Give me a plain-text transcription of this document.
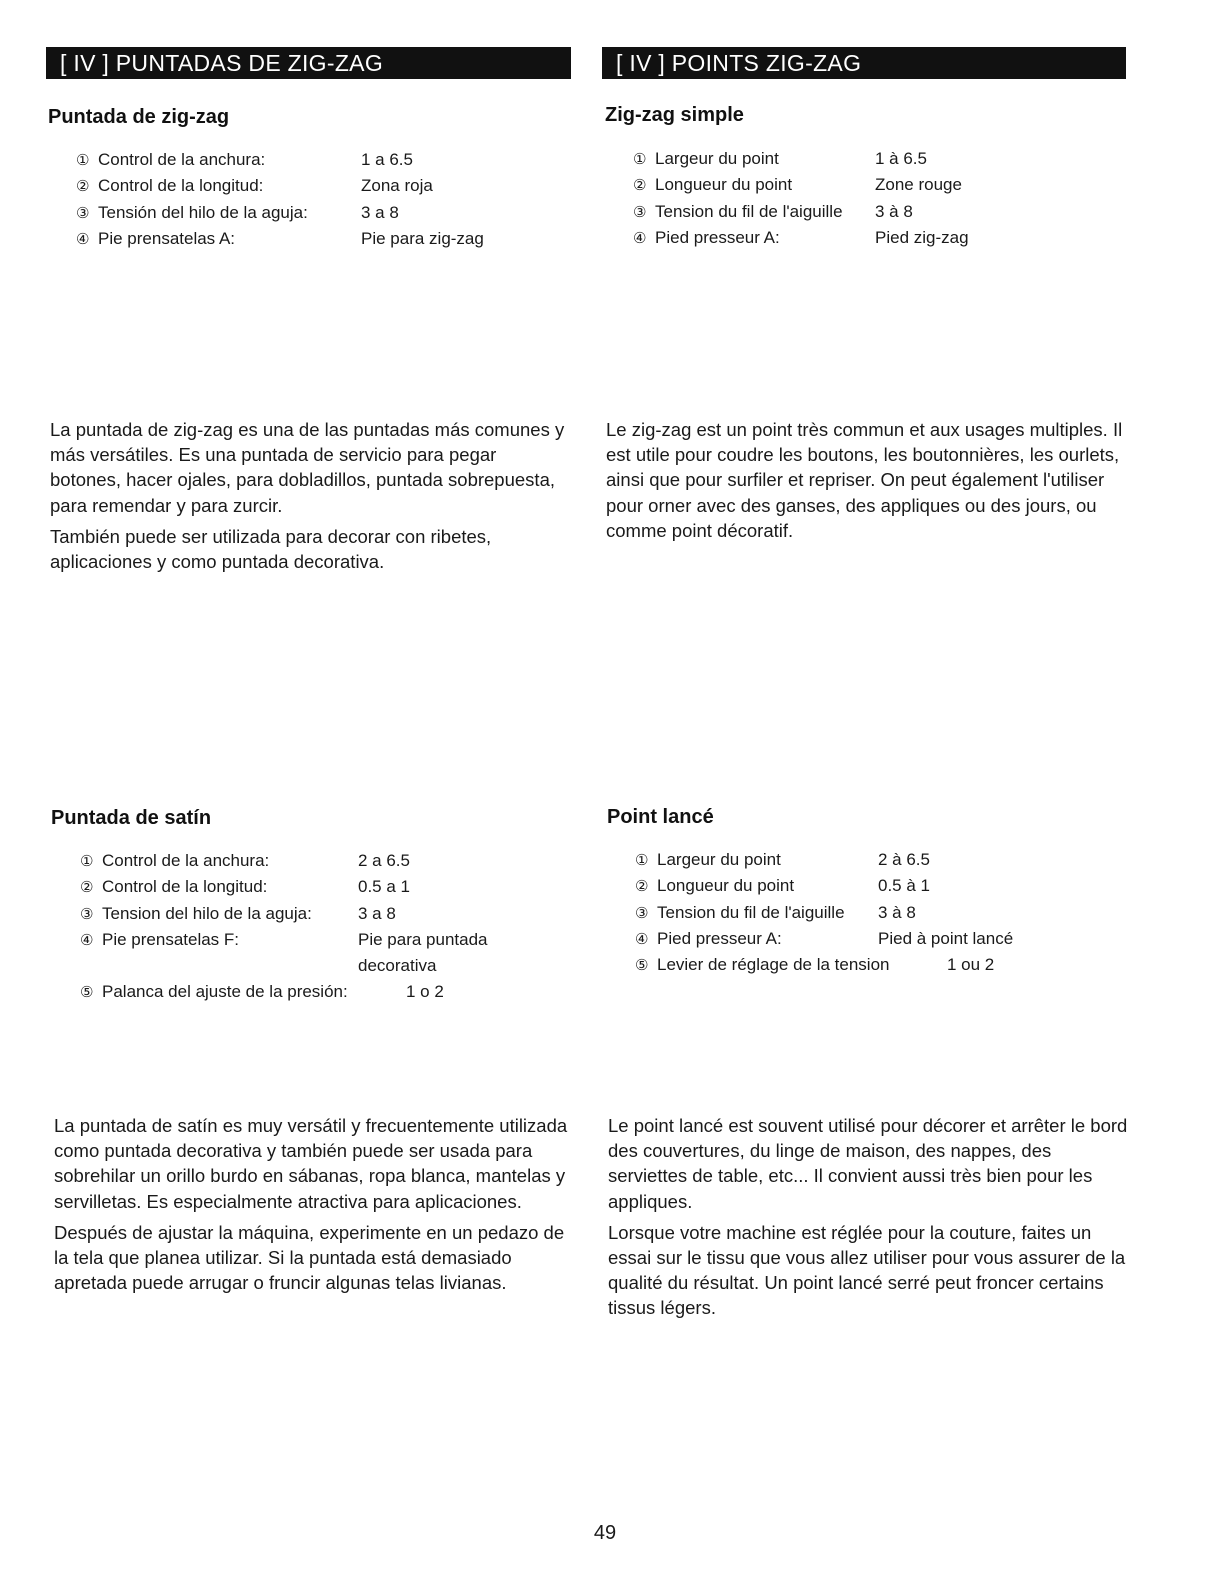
[ IV ] PUNTADAS DE ZIG-ZAG	[ IV ] POINTS ZIG-ZAG
Puntada de zig-zag
① Control de la anchura:	1 a 6.5
② Control de la longitud:	Zona roja
③ Tensión del hilo de la aguja:	3 a 8
④ Pie prensatelas A:	Pie para zig-zag

La puntada de zig-zag es una de las puntadas más comunes y más versátiles. Es una puntada de servicio para pegar botones, hacer ojales, para dobladillos, puntada sobrepuesta, para remendar y para zurcir.

También puede ser utilizada para decorar con ribetes, aplicaciones y como puntada decorativa.

Zig-zag simple
① Largeur du point	1 à 6.5
② Longueur du point	Zone rouge
③ Tension du fil de l'aiguille	3 à 8
④ Pied presseur A:	Pied zig-zag

Le zig-zag est un point très commun et aux usages multiples. Il est utile pour coudre les boutons, les boutonnières, les ourlets, ainsi que pour surfiler et repriser. On peut également l'utiliser pour orner avec des ganses, des appliques ou des jours, ou comme point décoratif.

Puntada de satín
① Control de la anchura:	2 a 6.5
② Control de la longitud:	0.5 a 1
③ Tension del hilo de la aguja:	3 a 8
④ Pie prensatelas F:	Pie para puntada
decorativa
⑤ Palanca del ajuste de la presión:	1 o 2

La puntada de satín es muy versátil y frecuentemente utilizada como puntada decorativa y también puede ser usada para sobrehilar un orillo burdo en sábanas, ropa blanca, mantelas y servilletas. Es especialmente atractiva para aplicaciones.

Después de ajustar la máquina, experimente en un pedazo de la tela que planea utilizar. Si la puntada está demasiado apretada puede arrugar o fruncir algunas telas livianas.

Point lancé
① Largeur du point	2 à 6.5
② Longueur du point	0.5 à 1
③ Tension du fil de l'aiguille	3 à 8
④ Pied presseur A:	Pied à point lancé
⑤ Levier de réglage de la tension	1 ou 2

Le point lancé est souvent utilisé pour décorer et arrêter le bord des couvertures, du linge de maison, des nappes, des serviettes de table, etc... Il convient aussi très bien pour les appliques.

Lorsque votre machine est réglée pour la couture, faites un essai sur le tissu que vous allez utiliser pour vous assurer de la qualité du résultat. Un point lancé serré peut froncer certains tissus légers.

49
